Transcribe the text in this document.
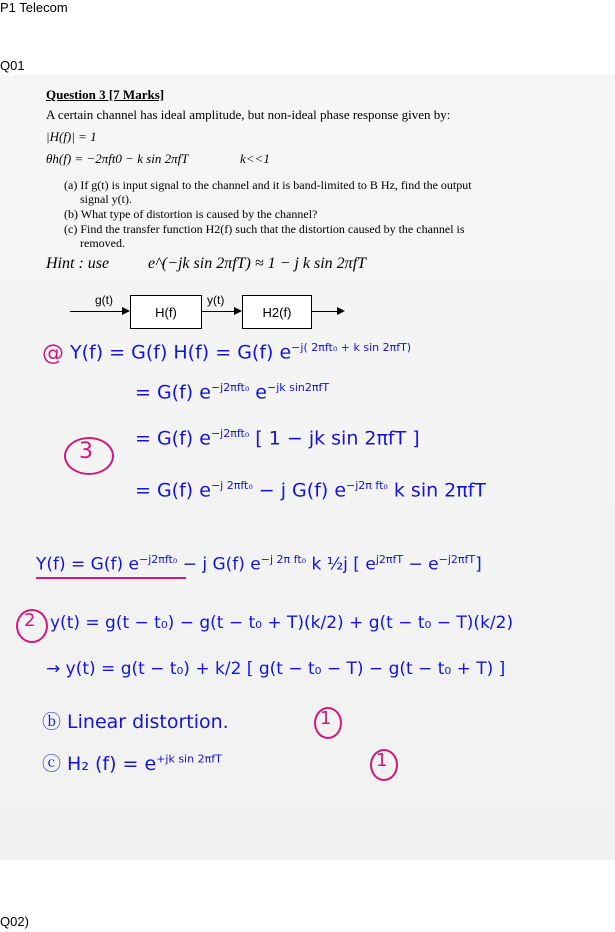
P1 Telecom
Q01
Question 3 [7 Marks]
A certain channel has ideal amplitude, but non-ideal phase response given by:
|H(f)| = 1
θh(f) = −2πft0 − k sin 2πfT	k<<1
(a) If g(t) is input signal to the channel and it is band-limited to B Hz, find the output
signal y(t).
(b) What type of distortion is caused by the channel?
(c) Find the transfer function H2(f) such that the distortion caused by the channel is
removed.
Hint : use e^(−jk sin 2πfT) ≈ 1 − j k sin 2πfT
g(t)
H(f)
y(t)
H2(f)
@ Y(f) = G(f) H(f) = G(f) $e^{-j( 2\pi ft_0 + k sin 2\pi fT)}$
= G(f) $e^{-j2\pi ft_0}$ $e^{-jk sin2\pi fT}$
= G(f) $e^{-j2\pi ft_0}$ [ 1 − jk sin 2πfT ]
= G(f) $e^{-j 2\pi ft_0} - j$ G(f) $e^{-j2\pi ft_0}$ k sin 2πfT
Y(f) = G(f) $e^{-j2\pi ft_0} - j$ G(f) $e^{-j 2\pi ft_0}$ k ½j [ $e^{j2\pi fT} - e^{-j2\pi fT}$]
y(t) = g(t − t₀) − g(t − t₀ + T)(k/2) + g(t − t₀ − T)(k/2)
→ y(t) = g(t − t₀) + k/2 [ g(t − t₀ − T) − g(t − t₀ + T) ]
ⓑ Linear distortion.
ⓒ H₂ $(f) = e^{+jk sin 2\pi fT}$
3
2
1
1
Q02)
